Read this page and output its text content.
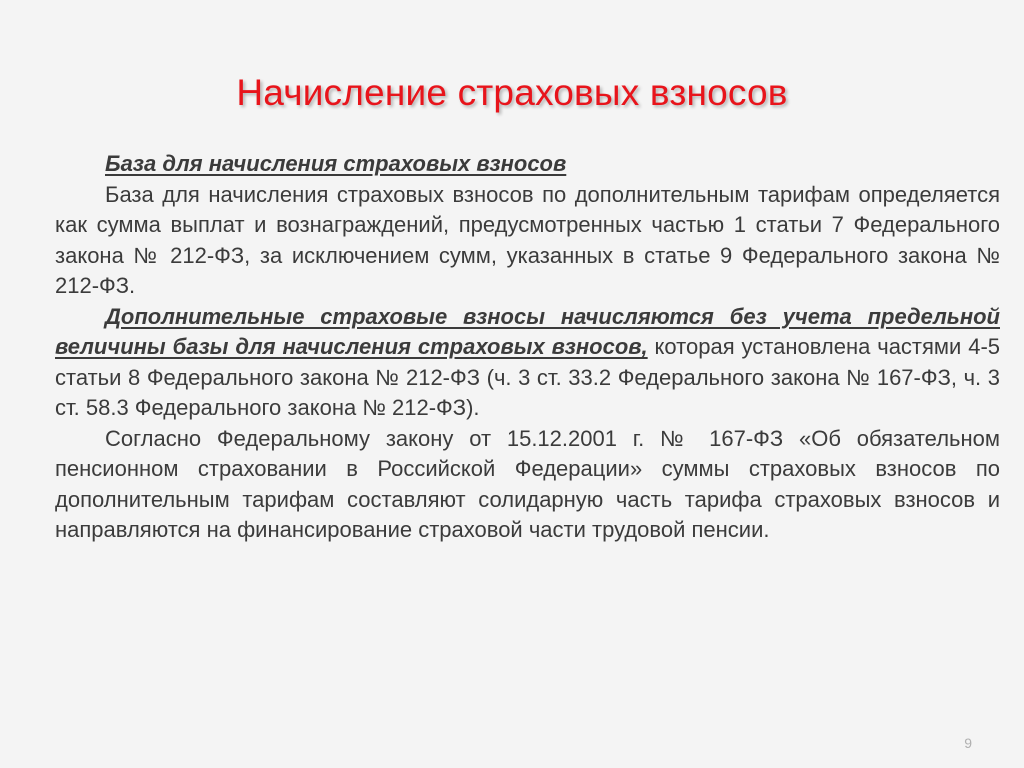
Начисление страховых взносов

База для начисления страховых взносов

База для начисления страховых взносов по дополнительным тарифам определяется как сумма выплат и вознаграждений, предусмотренных частью 1 статьи 7 Федерального закона № 212-ФЗ, за исключением сумм, указанных в статье 9 Федерального закона № 212-ФЗ.

Дополнительные страховые взносы начисляются без учета предельной величины базы для начисления страховых взносов, которая установлена частями 4-5 статьи 8 Федерального закона № 212-ФЗ (ч. 3 ст. 33.2 Федерального закона № 167-ФЗ, ч. 3 ст. 58.3 Федерального закона № 212-ФЗ).

Согласно Федеральному закону от 15.12.2001 г. № 167-ФЗ «Об обязательном пенсионном страховании в Российской Федерации» суммы страховых взносов по дополнительным тарифам составляют солидарную часть тарифа страховых взносов и направляются на финансирование страховой части трудовой пенсии.

9
